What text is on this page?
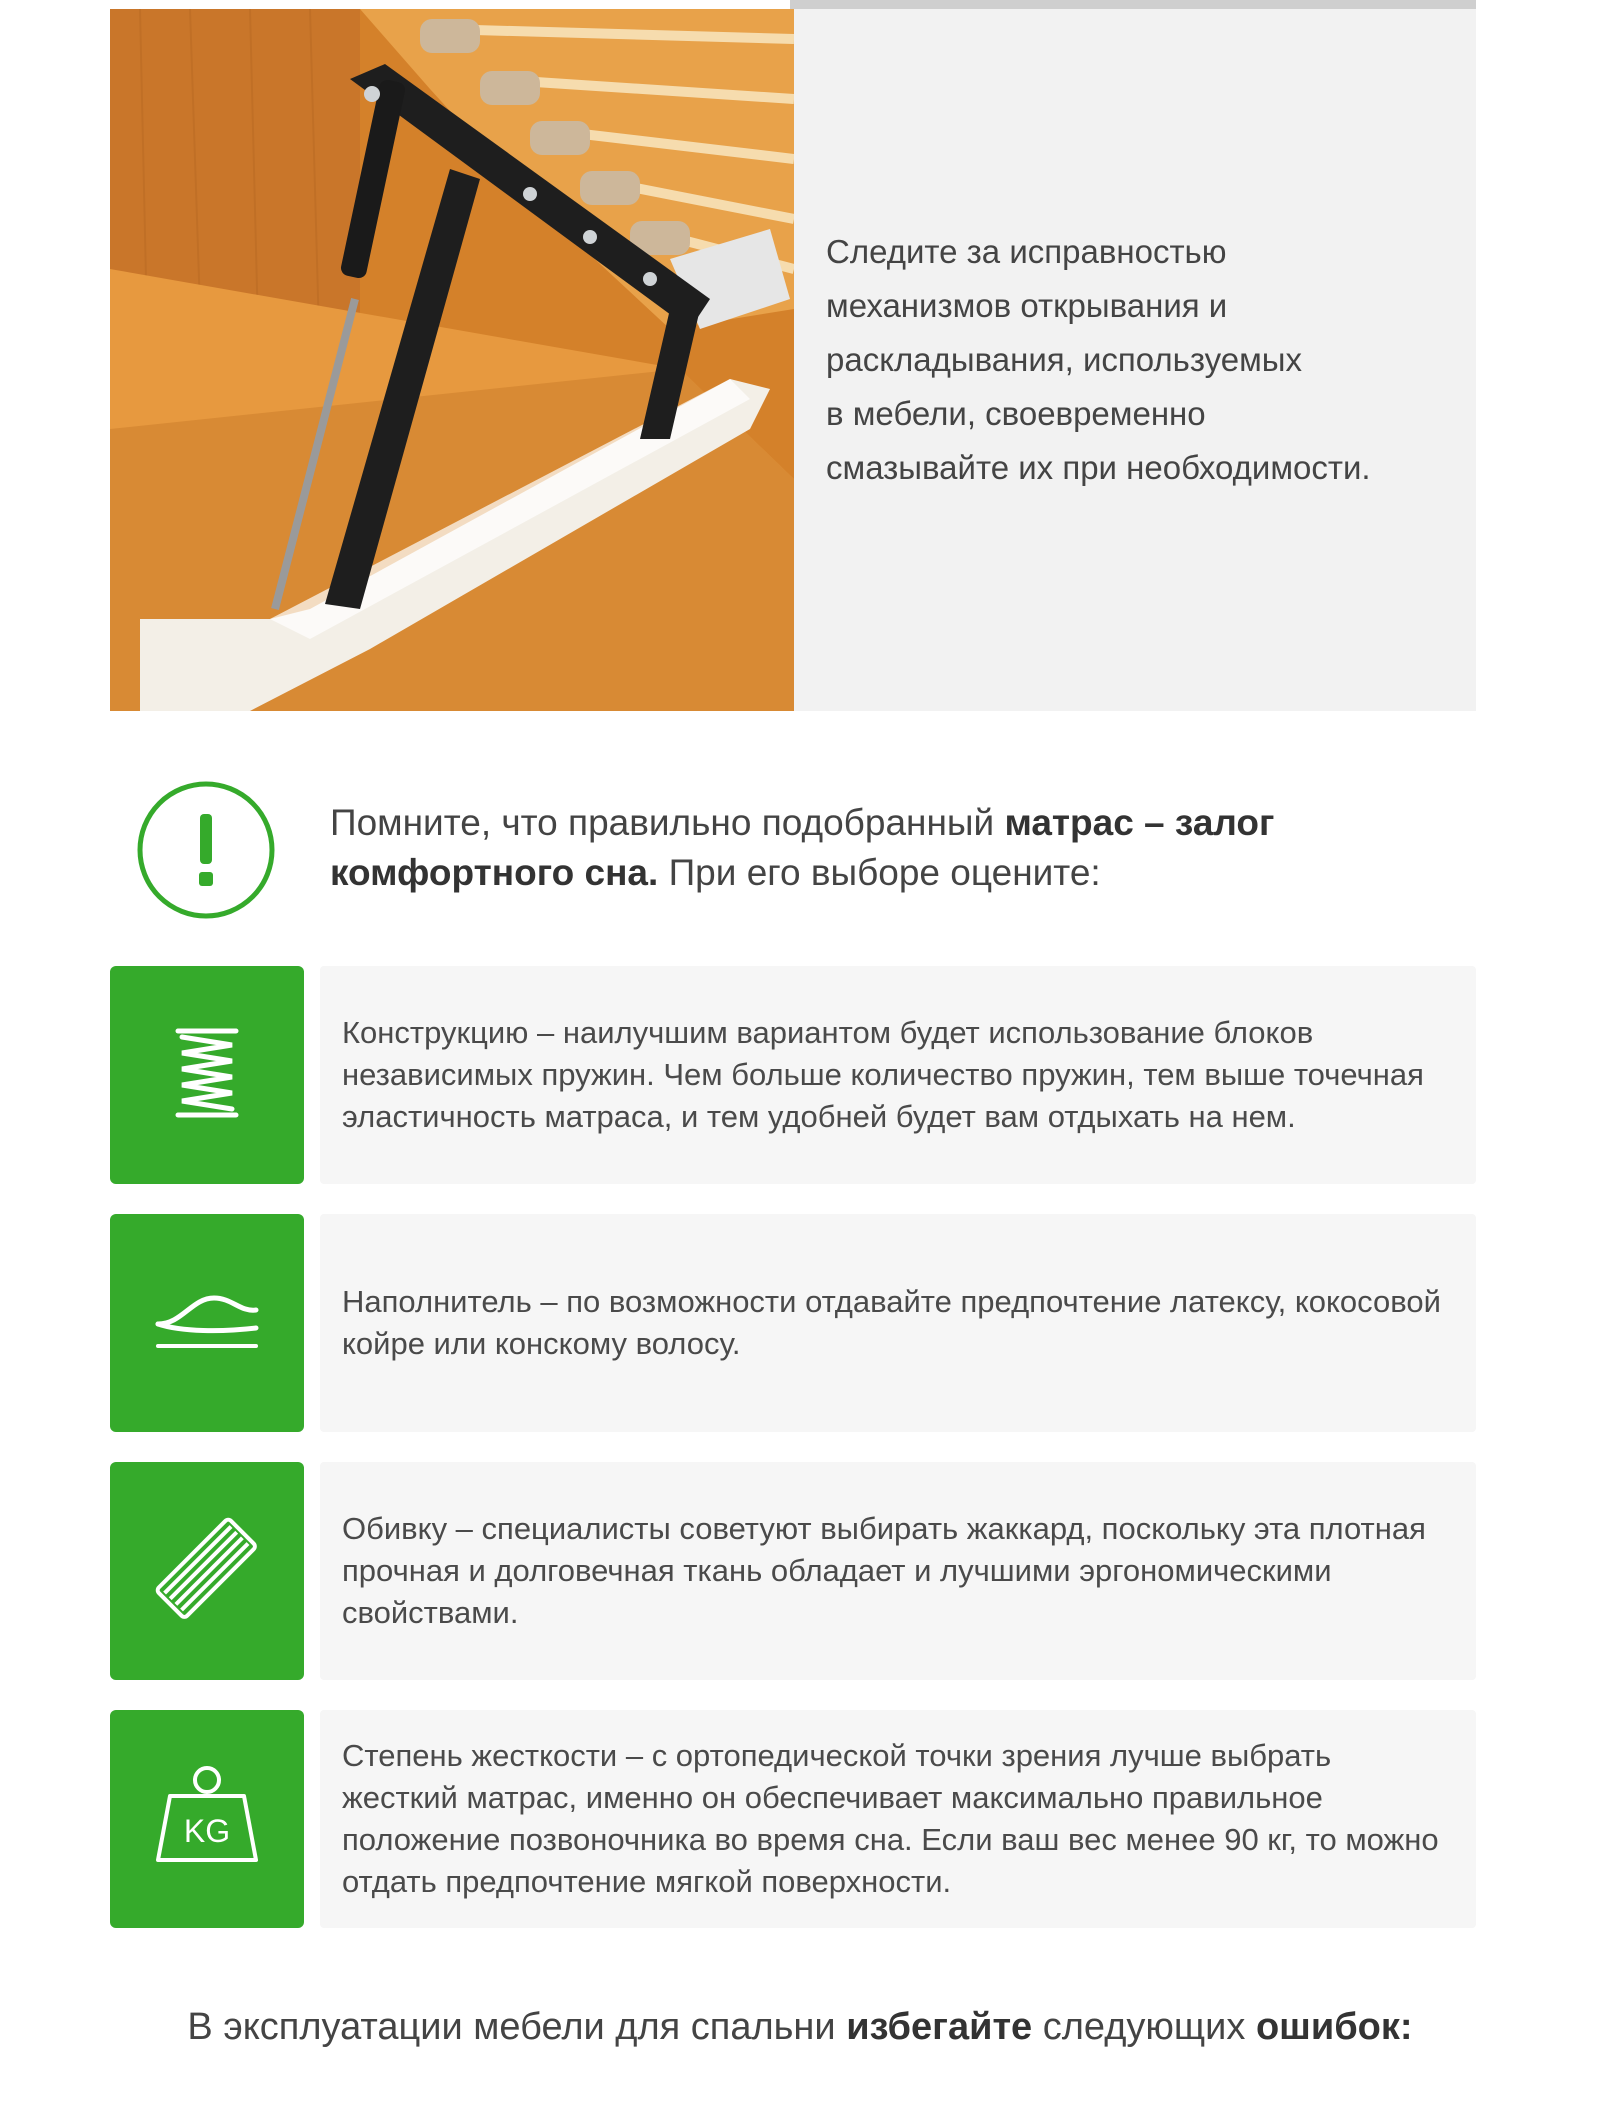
Следите за исправностью
механизмов открывания и
раскладывания, используемых
в мебели, своевременно
смазывайте их при необходимости.
Помните, что правильно подобранный матрас – залог комфортного сна. При его выборе оцените:
Конструкцию – наилучшим вариантом будет использование блоков независимых пружин. Чем больше количество пружин, тем выше точечная эластичность матраса, и тем удобней будет вам отдыхать на нем.
Наполнитель – по возможности отдавайте предпочтение латексу, кокосовой койре или конскому волосу.
Обивку – специалисты советуют выбирать жаккард, поскольку эта плотная прочная и долговечная ткань обладает и лучшими эргономическими свойствами.
KG
Степень жесткости – с ортопедической точки зрения лучше выбрать жесткий матрас, именно он обеспечивает максимально правильное положение позвоночника во время сна. Если ваш вес менее 90 кг, то можно отдать предпочтение мягкой поверхности.
В эксплуатации мебели для спальни избегайте следующих ошибок:
